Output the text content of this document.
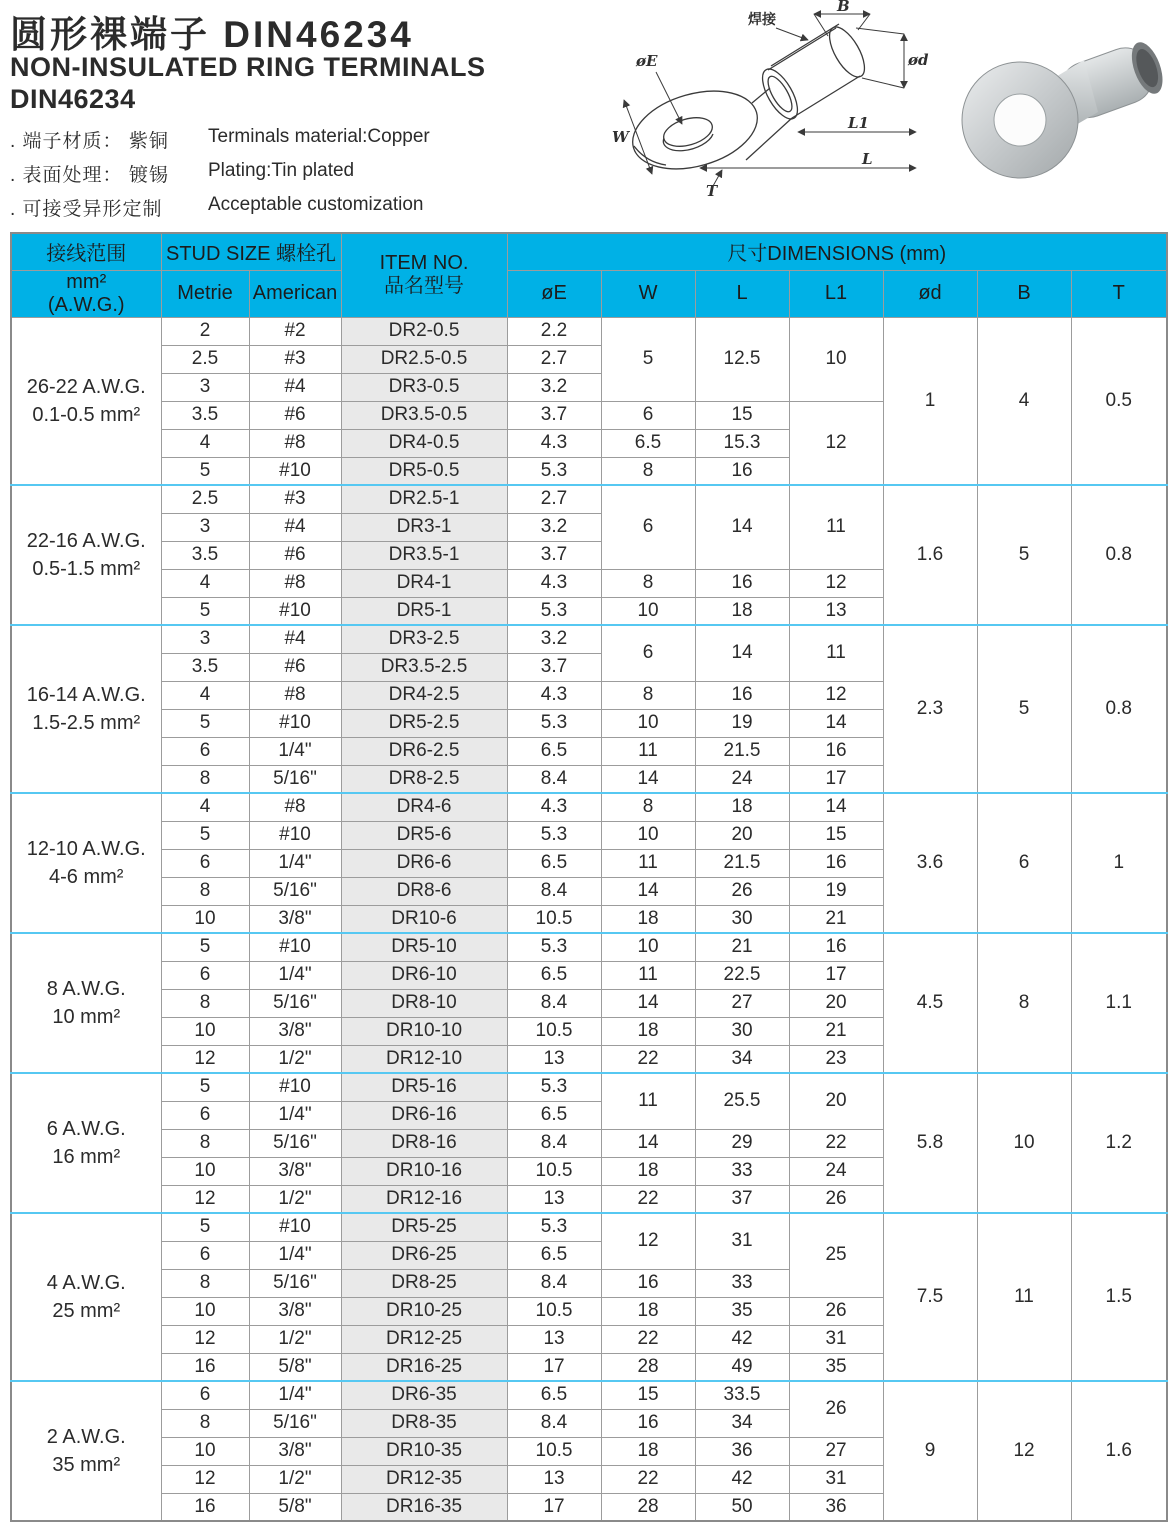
圆形裸端子 DIN46234
NON-INSULATED RING TERMINALS
DIN46234
. 端子材质： 紫铜	Terminals material:Copper
. 表面处理： 镀锡	Plating:Tin plated
. 可接受异形定制	Acceptable customization
焊接
B
ød
øE
W
L1
L
T
接线范围	STUD SIZE 螺栓孔		ITEM NO.
品名型号	尺寸DIMENSIONS (mm)						

mm²
(A.W.G.)	Metrie	American		øE	W	L	L1	ød	B	T

26-22 A.W.G.
0.1-0.5 mm²	2	#2	DR2-0.5	2.2	5	12.5	10	1	4	0.5
	2.5	#3	DR2.5-0.5	2.7						
	3	#4	DR3-0.5	3.2						
	3.5	#6	DR3.5-0.5	3.7	6	15	12			
	4	#8	DR4-0.5	4.3	6.5	15.3				
	5	#10	DR5-0.5	5.3	8	16				

22-16 A.W.G.
0.5-1.5 mm²	2.5	#3	DR2.5-1	2.7	6	14	11	1.6	5	0.8
	3	#4	DR3-1	3.2						
	3.5	#6	DR3.5-1	3.7						
	4	#8	DR4-1	4.3	8	16	12			
	5	#10	DR5-1	5.3	10	18	13			

16-14 A.W.G.
1.5-2.5 mm²	3	#4	DR3-2.5	3.2	6	14	11	2.3	5	0.8
	3.5	#6	DR3.5-2.5	3.7						
	4	#8	DR4-2.5	4.3	8	16	12			
	5	#10	DR5-2.5	5.3	10	19	14			
	6	1/4"	DR6-2.5	6.5	11	21.5	16			
	8	5/16"	DR8-2.5	8.4	14	24	17			

12-10 A.W.G.
4-6 mm²	4	#8	DR4-6	4.3	8	18	14	3.6	6	1
	5	#10	DR5-6	5.3	10	20	15			
	6	1/4"	DR6-6	6.5	11	21.5	16			
	8	5/16"	DR8-6	8.4	14	26	19			
	10	3/8"	DR10-6	10.5	18	30	21			

8 A.W.G.
10 mm²	5	#10	DR5-10	5.3	10	21	16	4.5	8	1.1
	6	1/4"	DR6-10	6.5	11	22.5	17			
	8	5/16"	DR8-10	8.4	14	27	20			
	10	3/8"	DR10-10	10.5	18	30	21			
	12	1/2"	DR12-10	13	22	34	23			

6 A.W.G.
16 mm²	5	#10	DR5-16	5.3	11	25.5	20	5.8	10	1.2
	6	1/4"	DR6-16	6.5						
	8	5/16"	DR8-16	8.4	14	29	22			
	10	3/8"	DR10-16	10.5	18	33	24			
	12	1/2"	DR12-16	13	22	37	26			

4 A.W.G.
25 mm²	5	#10	DR5-25	5.3	12	31	25	7.5	11	1.5
	6	1/4"	DR6-25	6.5						
	8	5/16"	DR8-25	8.4	16	33				
	10	3/8"	DR10-25	10.5	18	35	26			
	12	1/2"	DR12-25	13	22	42	31			
	16	5/8"	DR16-25	17	28	49	35			

2 A.W.G.
35 mm²	6	1/4"	DR6-35	6.5	15	33.5	26	9	12	1.6
	8	5/16"	DR8-35	8.4	16	34				
	10	3/8"	DR10-35	10.5	18	36	27			
	12	1/2"	DR12-35	13	22	42	31			
	16	5/8"	DR16-35	17	28	50	36			
